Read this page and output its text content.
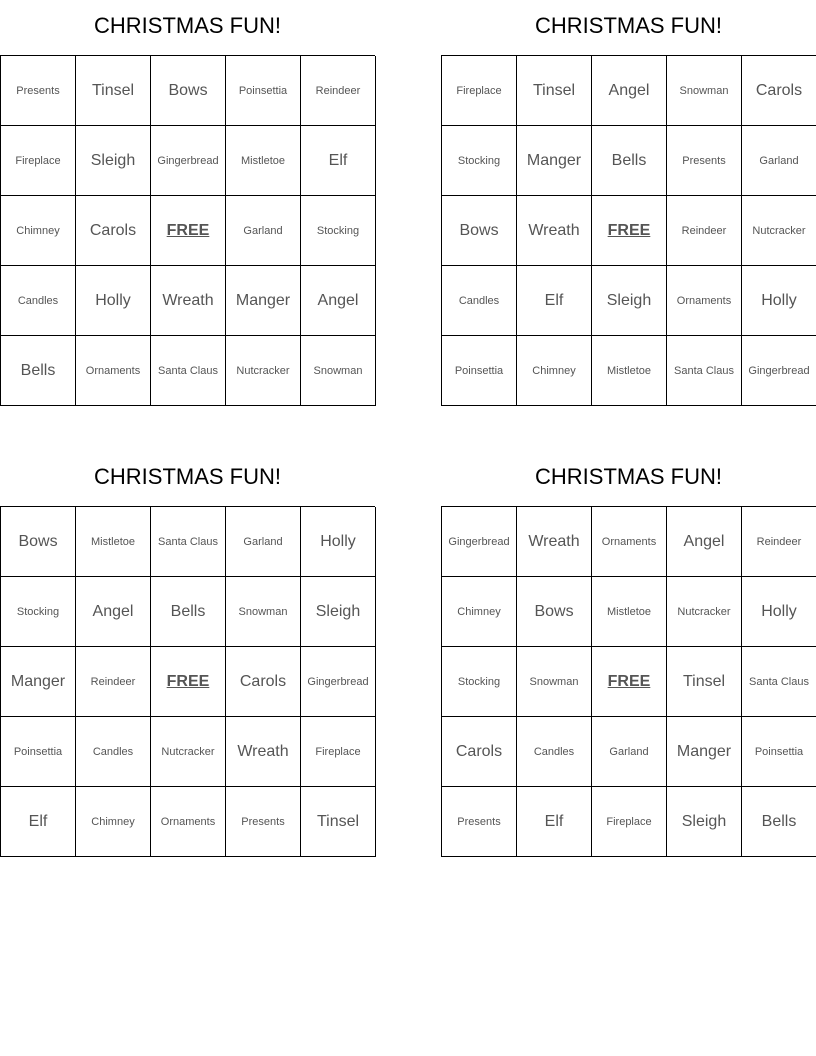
CHRISTMAS FUN!
Presents	Tinsel	Bows	Poinsettia	Reindeer
Fireplace	Sleigh	Gingerbread	Mistletoe	Elf
Chimney	Carols	FREE	Garland	Stocking
Candles	Holly	Wreath	Manger	Angel
Bells	Ornaments	Santa Claus	Nutcracker	Snowman
CHRISTMAS FUN!
Fireplace	Tinsel	Angel	Snowman	Carols
Stocking	Manger	Bells	Presents	Garland
Bows	Wreath	FREE	Reindeer	Nutcracker
Candles	Elf	Sleigh	Ornaments	Holly
Poinsettia	Chimney	Mistletoe	Santa Claus	Gingerbread
CHRISTMAS FUN!
Bows	Mistletoe	Santa Claus	Garland	Holly
Stocking	Angel	Bells	Snowman	Sleigh
Manger	Reindeer	FREE	Carols	Gingerbread
Poinsettia	Candles	Nutcracker	Wreath	Fireplace
Elf	Chimney	Ornaments	Presents	Tinsel
CHRISTMAS FUN!
Gingerbread	Wreath	Ornaments	Angel	Reindeer
Chimney	Bows	Mistletoe	Nutcracker	Holly
Stocking	Snowman	FREE	Tinsel	Santa Claus
Carols	Candles	Garland	Manger	Poinsettia
Presents	Elf	Fireplace	Sleigh	Bells
